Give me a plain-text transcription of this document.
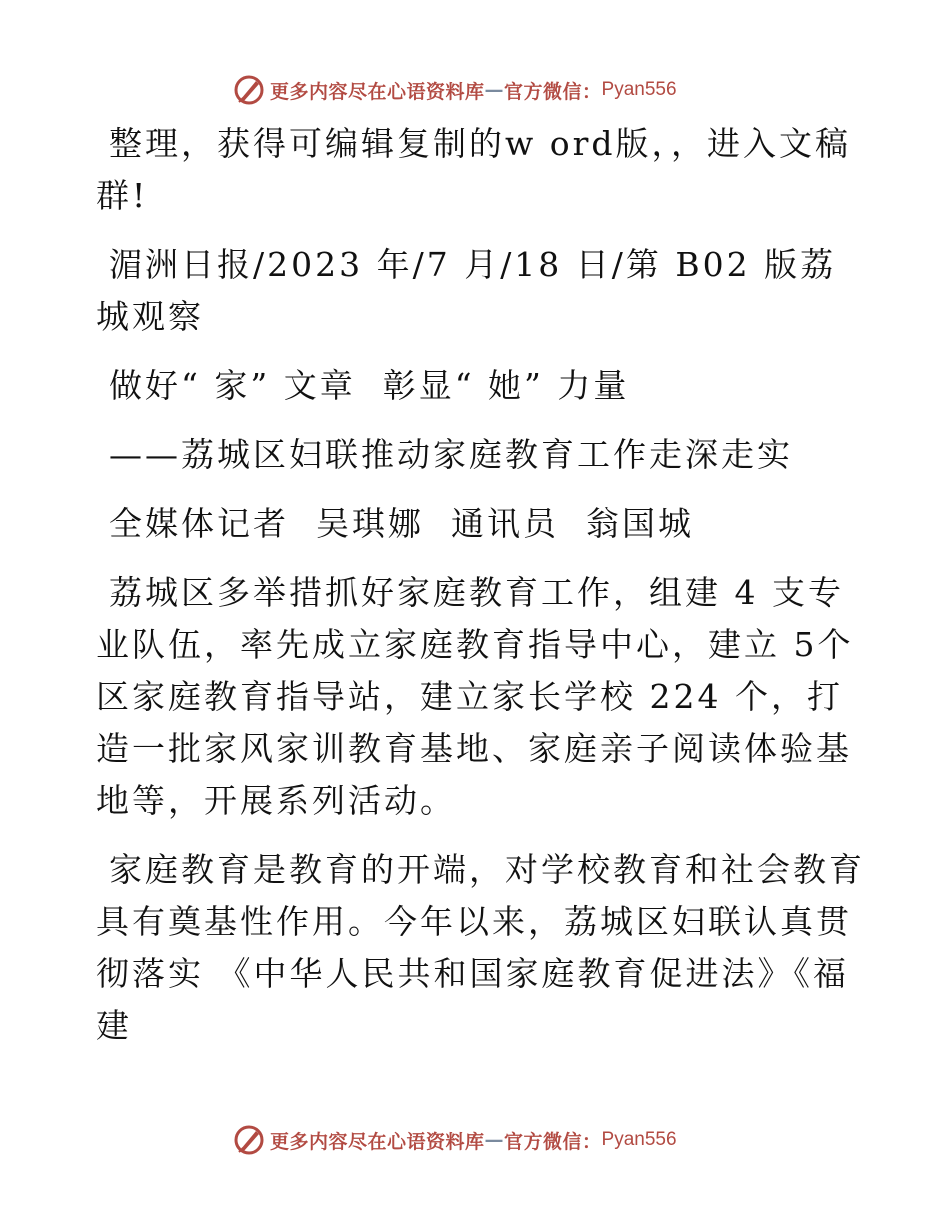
更多内容尽在心语资料库 — 官方微信： Pyan556
整理，获得可编辑复制的w ord版，，进入文稿群!
湄洲日报/2023 年/7 月/18 日/第 B02 版荔城观察
做好“ 家” 文章  彰显“ 她” 力量
——荔城区妇联推动家庭教育工作走深走实
全媒体记者  吴琪娜  通讯员  翁国城
荔城区多举措抓好家庭教育工作，组建 4 支专业队伍，率先成立家庭教育指导中心，建立 5个区家庭教育指导站，建立家长学校 224 个，打造一批家风家训教育基地、家庭亲子阅读体验基地等，开展系列活动。
家庭教育是教育的开端，对学校教育和社会教育具有奠基性作用。今年以来，荔城区妇联认真贯彻落实 《中华人民共和国家庭教育促进法》《福建
更多内容尽在心语资料库 — 官方微信： Pyan556
